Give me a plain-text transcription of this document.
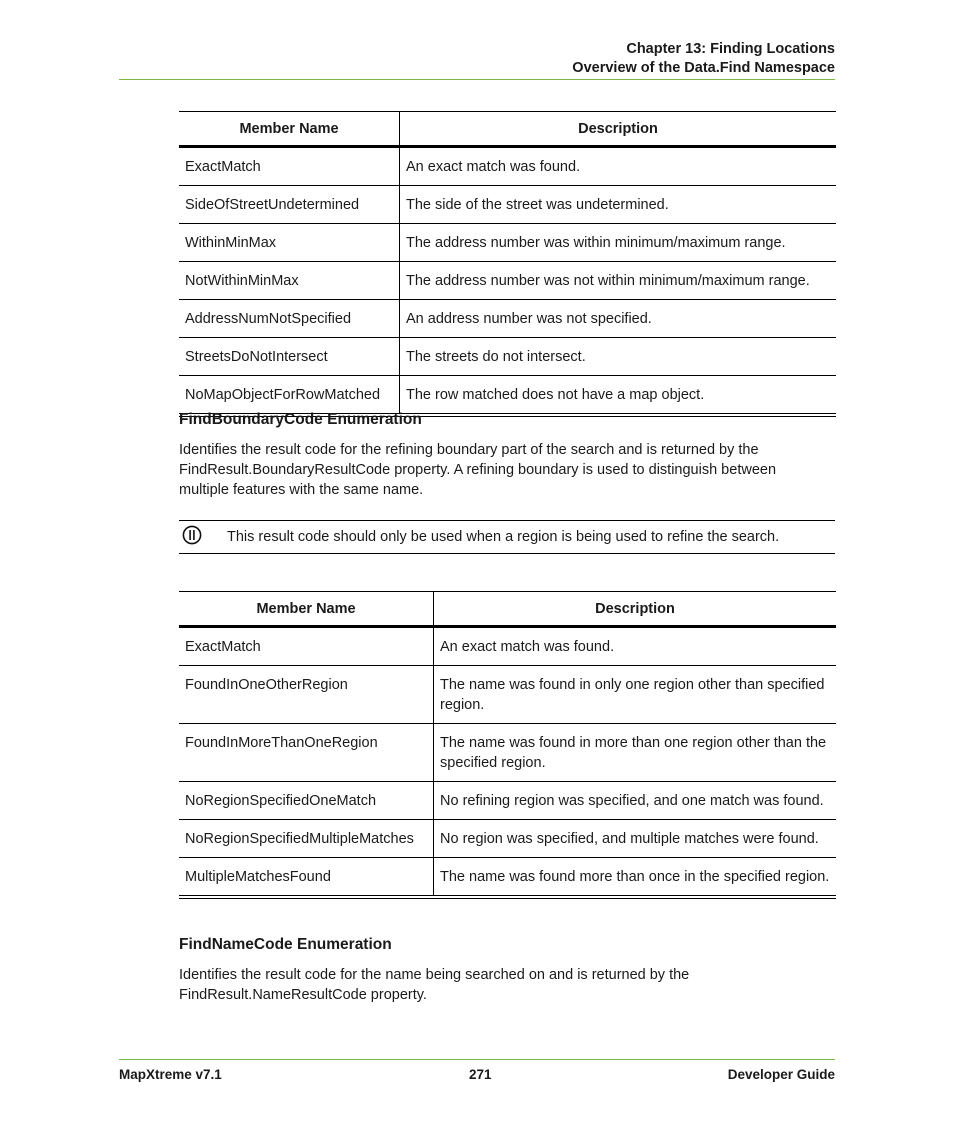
Chapter 13: Finding Locations
Overview of the Data.Find Namespace
Member Name	Description
ExactMatch	An exact match was found.
SideOfStreetUndetermined	The side of the street was undetermined.
WithinMinMax	The address number was within minimum/maximum range.
NotWithinMinMax	The address number was not within minimum/maximum range.
AddressNumNotSpecified	An address number was not specified.
StreetsDoNotIntersect	The streets do not intersect.
NoMapObjectForRowMatched	The row matched does not have a map object.
FindBoundaryCode Enumeration
Identifies the result code for the refining boundary part of the search and is returned by the FindResult.BoundaryResultCode property. A refining boundary is used to distinguish between multiple features with the same name.
This result code should only be used when a region is being used to refine the search.
Member Name	Description
ExactMatch	An exact match was found.
FoundInOneOtherRegion	The name was found in only one region other than specified region.
FoundInMoreThanOneRegion	The name was found in more than one region other than the specified region.
NoRegionSpecifiedOneMatch	No refining region was specified, and one match was found.
NoRegionSpecifiedMultipleMatches	No region was specified, and multiple matches were found.
MultipleMatchesFound	The name was found more than once in the specified region.
FindNameCode Enumeration
Identifies the result code for the name being searched on and is returned by the FindResult.NameResultCode property.
MapXtreme v7.1	271	Developer Guide
